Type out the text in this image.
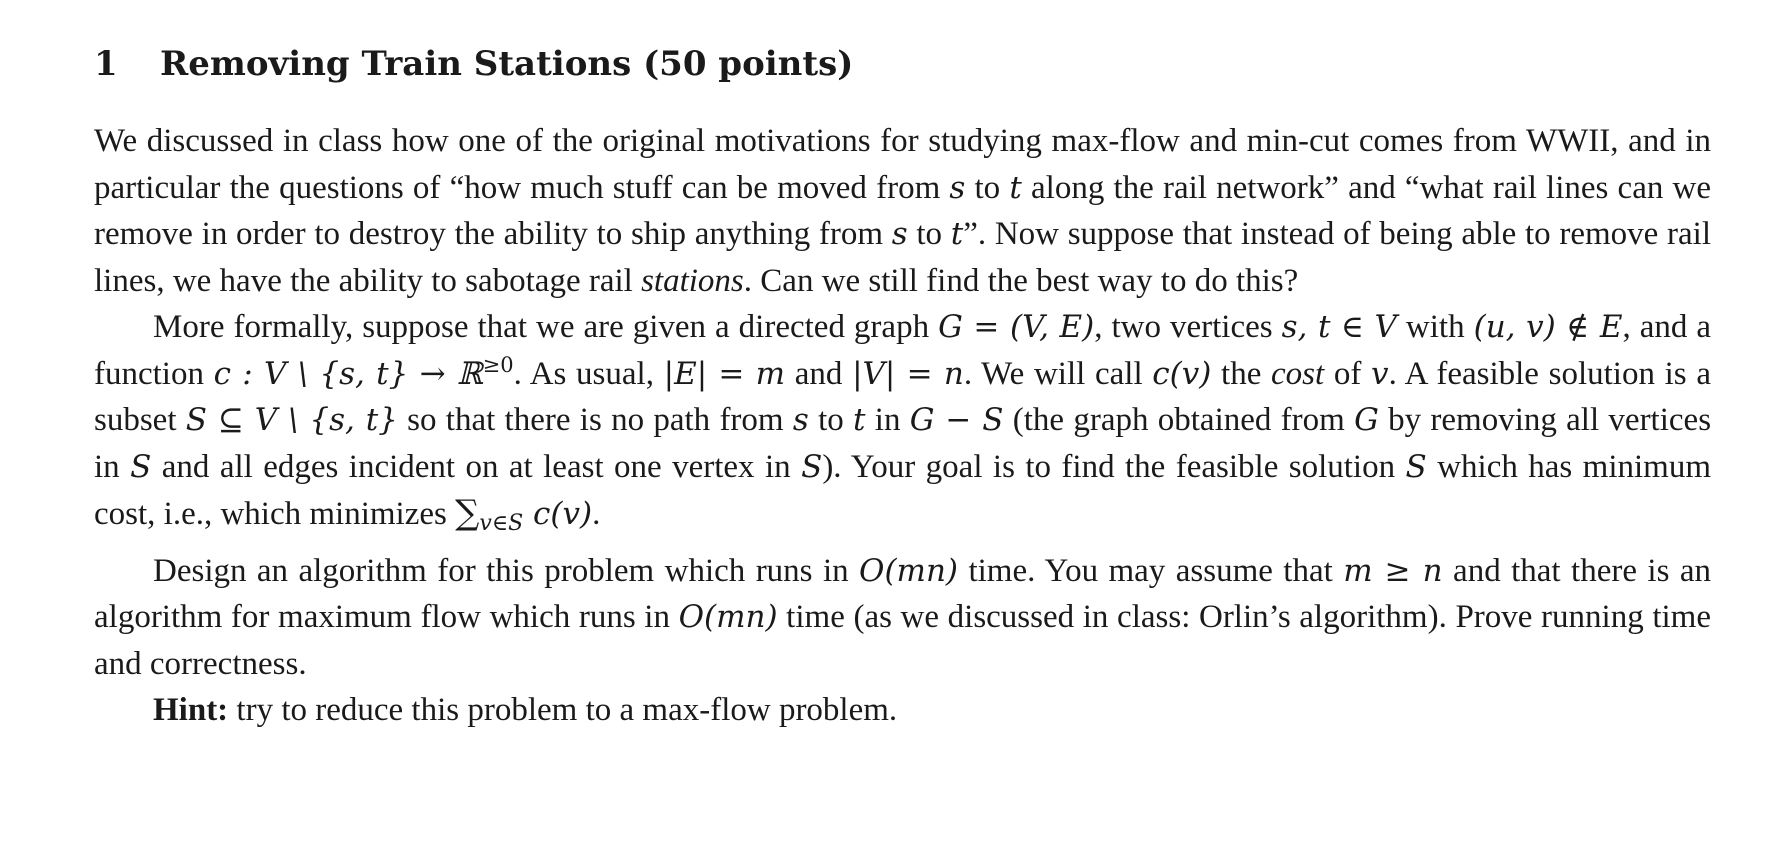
1 Removing Train Stations (50 points)

We discussed in class how one of the original motivations for studying max-flow and min-cut comes from WWII, and in particular the questions of “how much stuff can be moved from s to t along the rail network” and “what rail lines can we remove in order to destroy the ability to ship anything from s to t”. Now suppose that instead of being able to remove rail lines, we have the ability to sabotage rail stations. Can we still find the best way to do this?

More formally, suppose that we are given a directed graph G = (V, E), two vertices s, t ∈ V with (u, v) ∉ E, and a function c : V \ {s, t} → ℝ$^{\ge 0}$. As usual, |E| = m and |V| = n. We will call c(v) the cost of v. A feasible solution is a subset S ⊆ V \ {s, t} so that there is no path from s to t in G − S (the graph obtained from G by removing all vertices in S and all edges incident on at least one vertex in S). Your goal is to find the feasible solution S which has minimum cost, i.e., which minimizes ∑v∈S c(v).

Design an algorithm for this problem which runs in O(mn) time. You may assume that m ≥ n and that there is an algorithm for maximum flow which runs in O(mn) time (as we discussed in class: Orlin’s algorithm). Prove running time and correctness.

Hint: try to reduce this problem to a max-flow problem.
